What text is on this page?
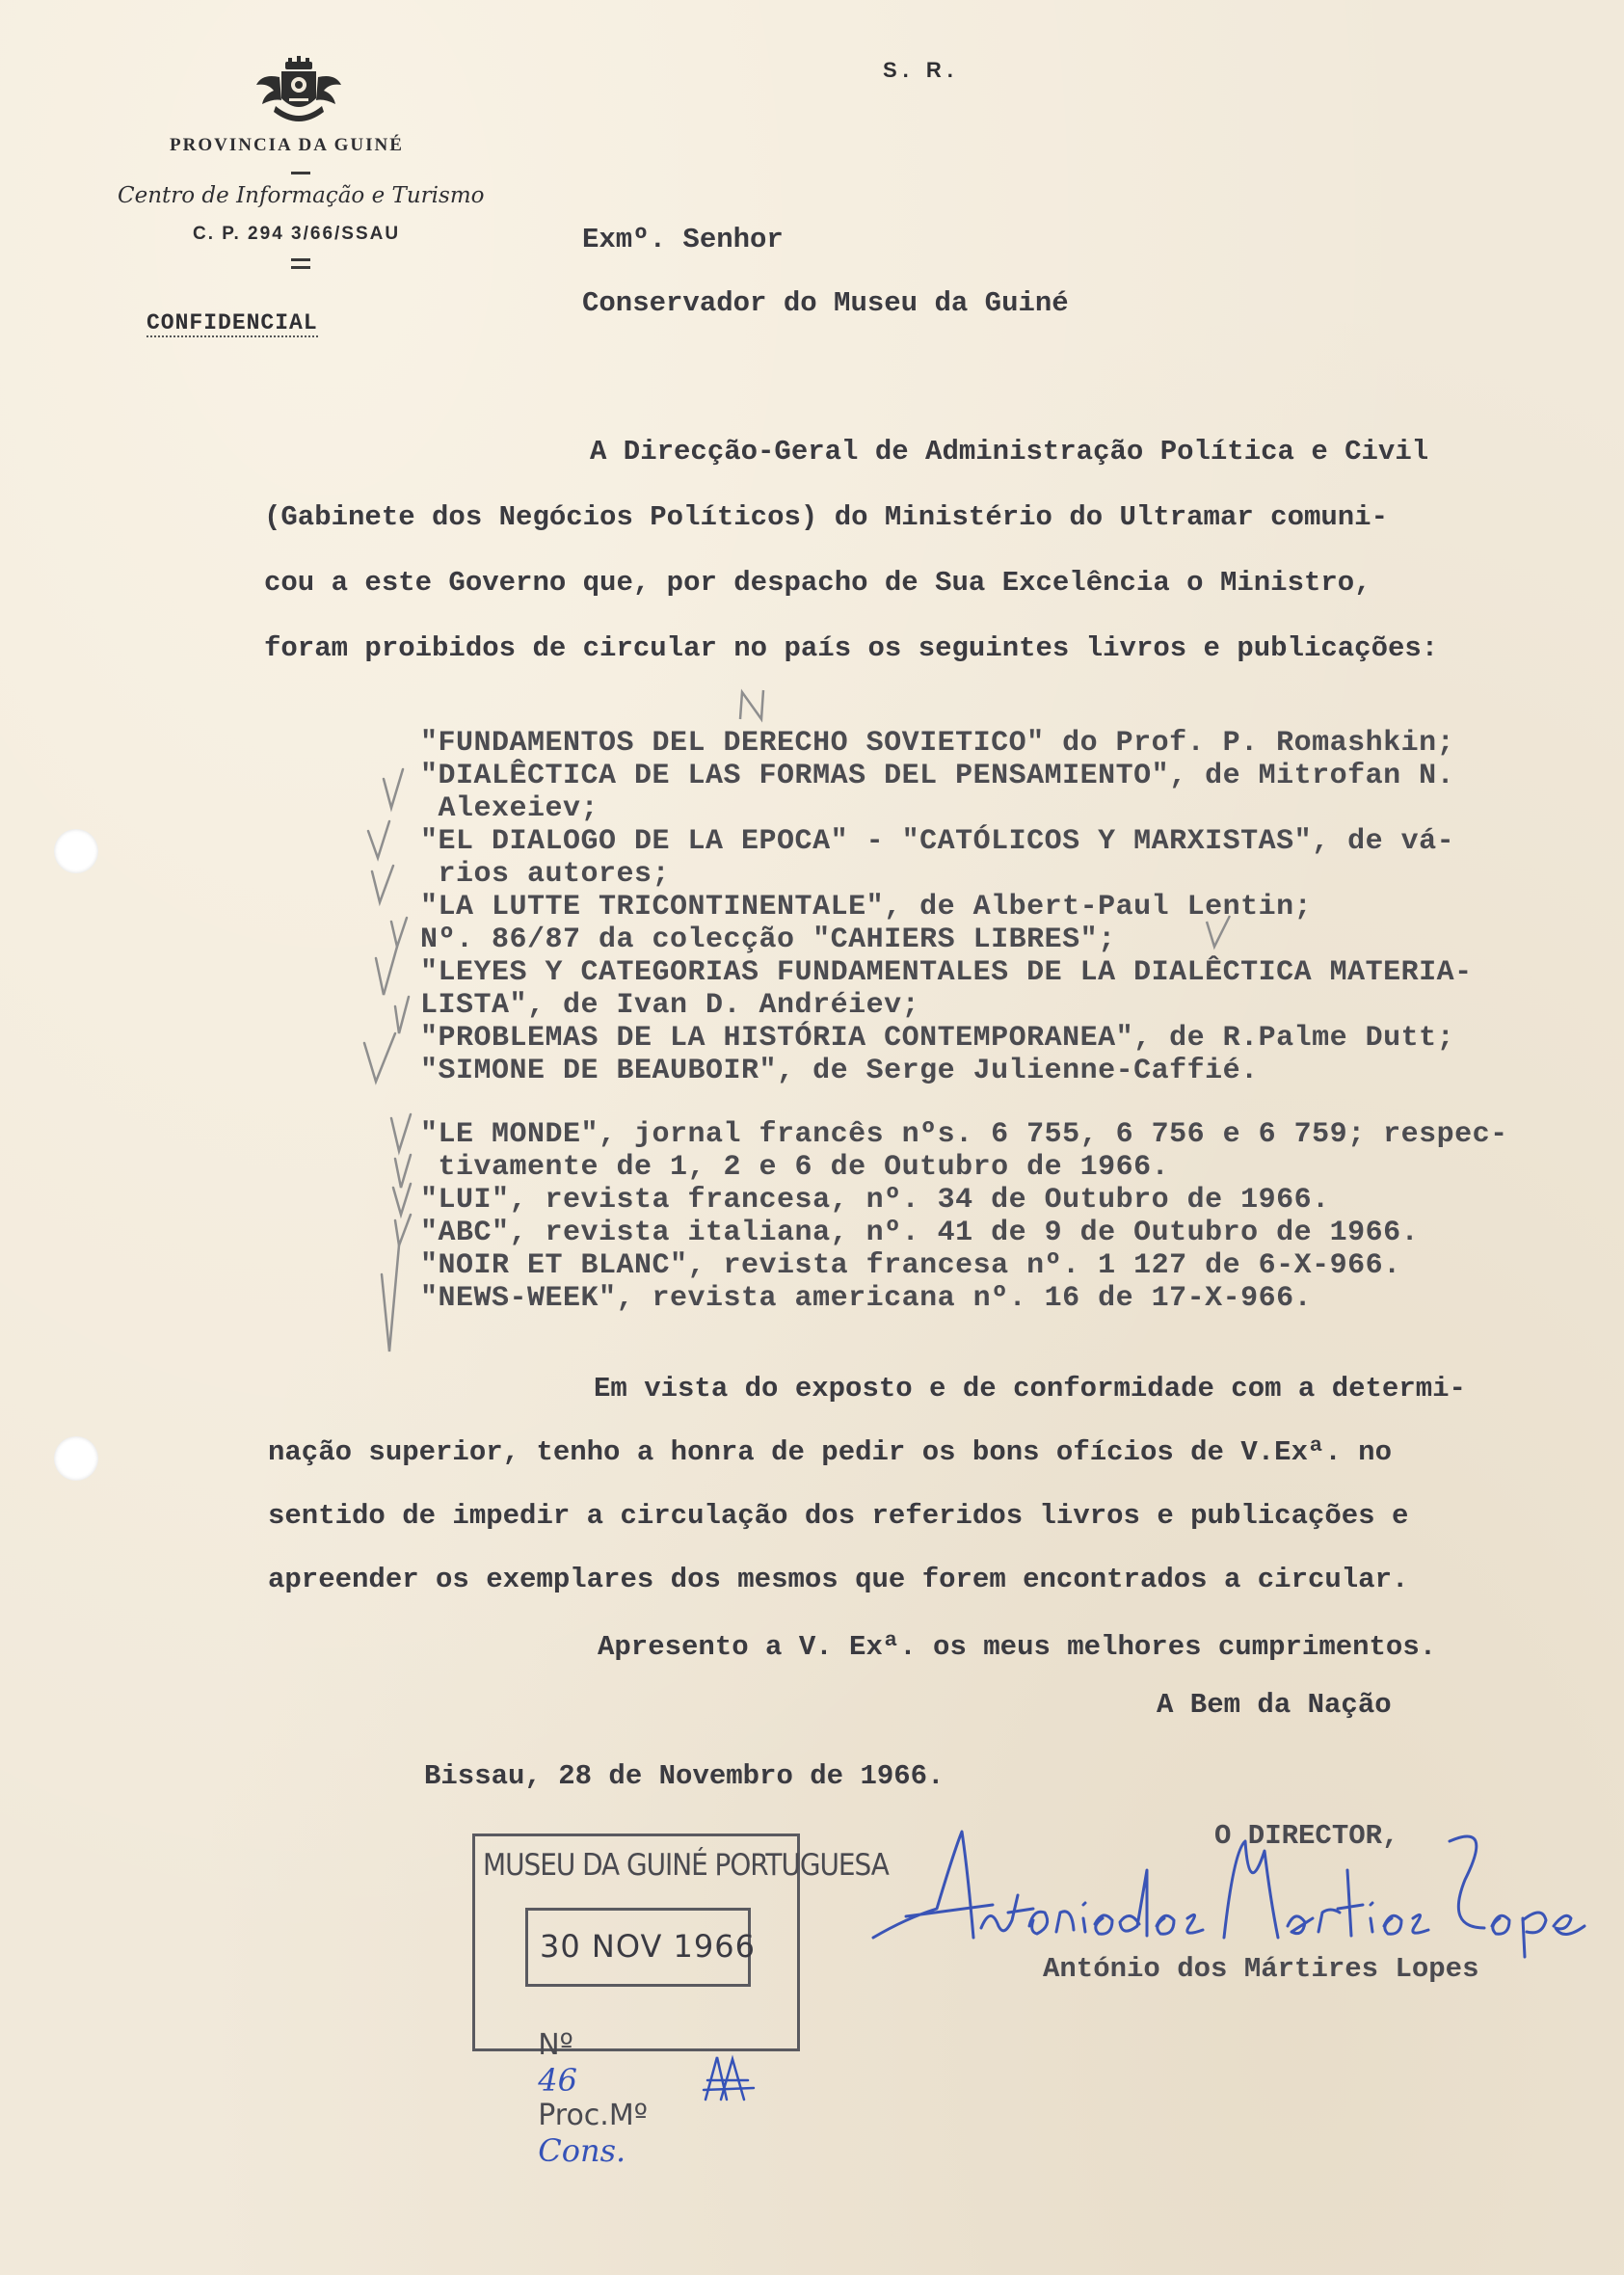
PROVINCIA DA GUINÉ
Centro de Informação e Turismo
C. P. 294 3/66/SSAU
CONFIDENCIAL
S. R.
Exmº. Senhor
Conservador do Museu da Guiné
A Direcção-Geral de Administração Política e Civil
(Gabinete dos Negócios Políticos) do Ministério do Ultramar comuni-
cou a este Governo que, por despacho de Sua Excelência o Ministro,
foram proibidos de circular no país os seguintes livros e publicações:
"FUNDAMENTOS DEL DERECHO SOVIETICO" do Prof. P. Romashkin;
"DIALÊCTICA DE LAS FORMAS DEL PENSAMIENTO", de Mitrofan N.
Alexeiev;
"EL DIALOGO DE LA EPOCA" - "CATÓLICOS Y MARXISTAS", de vá-
rios autores;
"LA LUTTE TRICONTINENTALE", de Albert-Paul Lentin;
Nº. 86/87 da colecção "CAHIERS LIBRES";
"LEYES Y CATEGORIAS FUNDAMENTALES DE LA DIALÊCTICA MATERIA-
LISTA", de Ivan D. Andréiev;
"PROBLEMAS DE LA HISTÓRIA CONTEMPORANEA", de R.Palme Dutt;
"SIMONE DE BEAUBOIR", de Serge Julienne-Caffié.
"LE MONDE", jornal francês nºs. 6 755, 6 756 e 6 759; respec-
tivamente de 1, 2 e 6 de Outubro de 1966.
"LUI", revista francesa, nº. 34 de Outubro de 1966.
"ABC", revista italiana, nº. 41 de 9 de Outubro de 1966.
"NOIR ET BLANC", revista francesa nº. 1 127 de 6-X-966.
"NEWS-WEEK", revista americana nº. 16 de 17-X-966.
Em vista do exposto e de conformidade com a determi-
nação superior, tenho a honra de pedir os bons ofícios de V.Exª. no
sentido de impedir a circulação dos referidos livros e publicações e
apreender os exemplares dos mesmos que forem encontrados a circular.
Apresento a V. Exª. os meus melhores cumprimentos.
A Bem da Nação
Bissau, 28 de Novembro de 1966.
MUSEU DA GUINÉ PORTUGUESA
30 NOV 1966

Nº
46
Proc.Mº
Cons.

O DIRECTOR,
António dos Mártires Lopes
